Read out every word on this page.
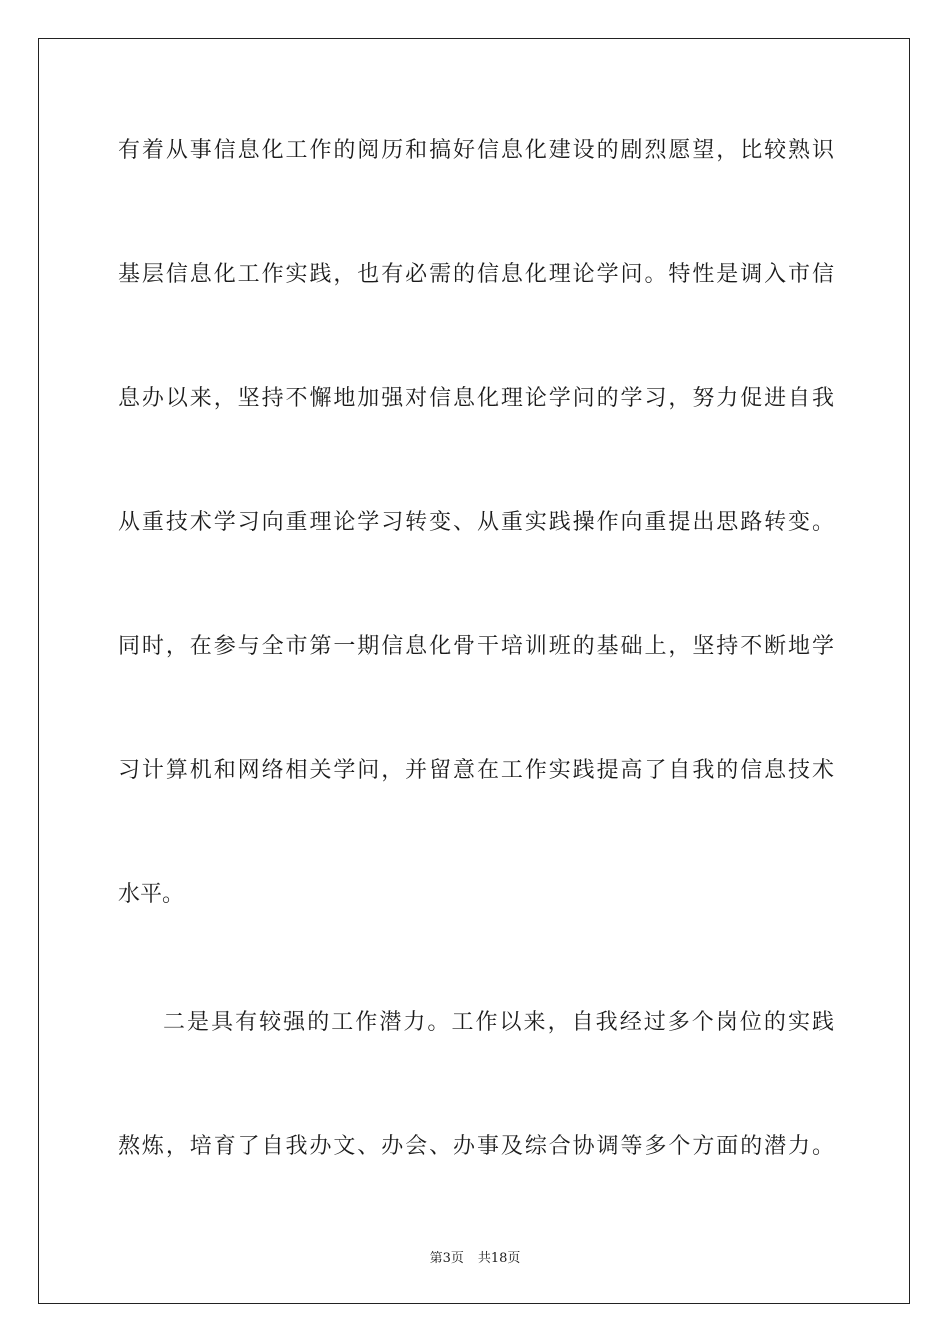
有着从事信息化工作的阅历和搞好信息化建设的剧烈愿望，比较熟识
基层信息化工作实践，也有必需的信息化理论学问。特性是调入市信
息办以来，坚持不懈地加强对信息化理论学问的学习，努力促进自我
从重技术学习向重理论学习转变、从重实践操作向重提出思路转变。
同时，在参与全市第一期信息化骨干培训班的基础上，坚持不断地学
习计算机和网络相关学问，并留意在工作实践提高了自我的信息技术
水平。
二是具有较强的工作潜力。工作以来，自我经过多个岗位的实践
熬炼，培育了自我办文、办会、办事及综合协调等多个方面的潜力。
第3页 共18页
